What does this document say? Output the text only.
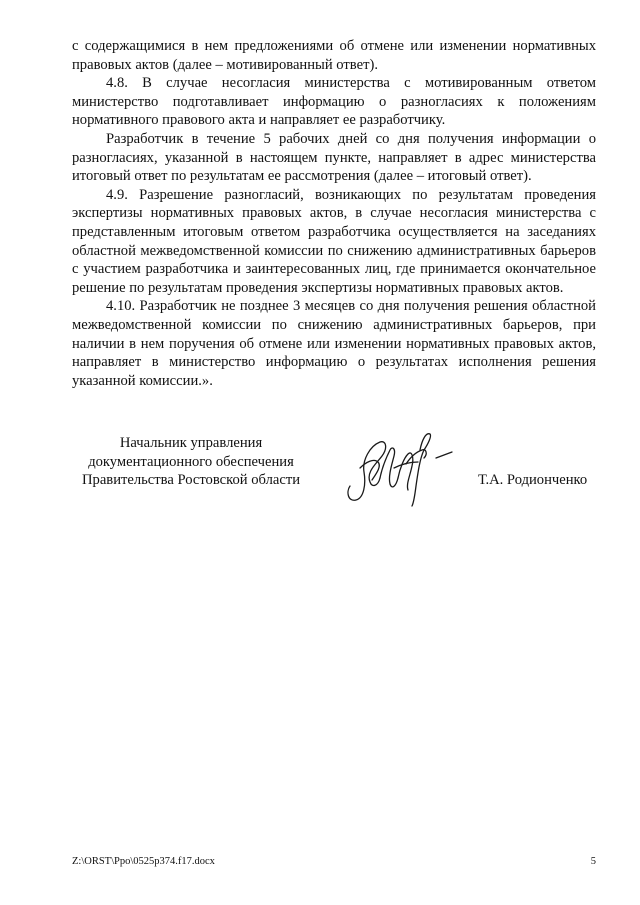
с содержащимися в нем предложениями об отмене или изменении нормативных правовых актов (далее – мотивированный ответ).

4.8. В случае несогласия министерства с мотивированным ответом министерство подготавливает информацию о разногласиях к положениям нормативного правового акта и направляет ее разработчику.

Разработчик в течение 5 рабочих дней со дня получения информации о разногласиях, указанной в настоящем пункте, направляет в адрес министерства итоговый ответ по результатам ее рассмотрения (далее – итоговый ответ).

4.9. Разрешение разногласий, возникающих по результатам проведения экспертизы нормативных правовых актов, в случае несогласия министерства с представленным итоговым ответом разработчика осуществляется на заседаниях областной межведомственной комиссии по снижению административных барьеров с участием разработчика и заинтересованных лиц, где принимается окончательное решение по результатам проведения экспертизы нормативных правовых актов.

4.10. Разработчик не позднее 3 месяцев со дня получения решения областной межведомственной комиссии по снижению административных барьеров, при наличии в нем поручения об отмене или изменении нормативных правовых актов, направляет в министерство информацию о результатах исполнения решения указанной комиссии.».

Начальник управления
документационного обеспечения
Правительства Ростовской области	Т.А. Родионченко
Z:\ORST\Ppo\0525p374.f17.docx	5
